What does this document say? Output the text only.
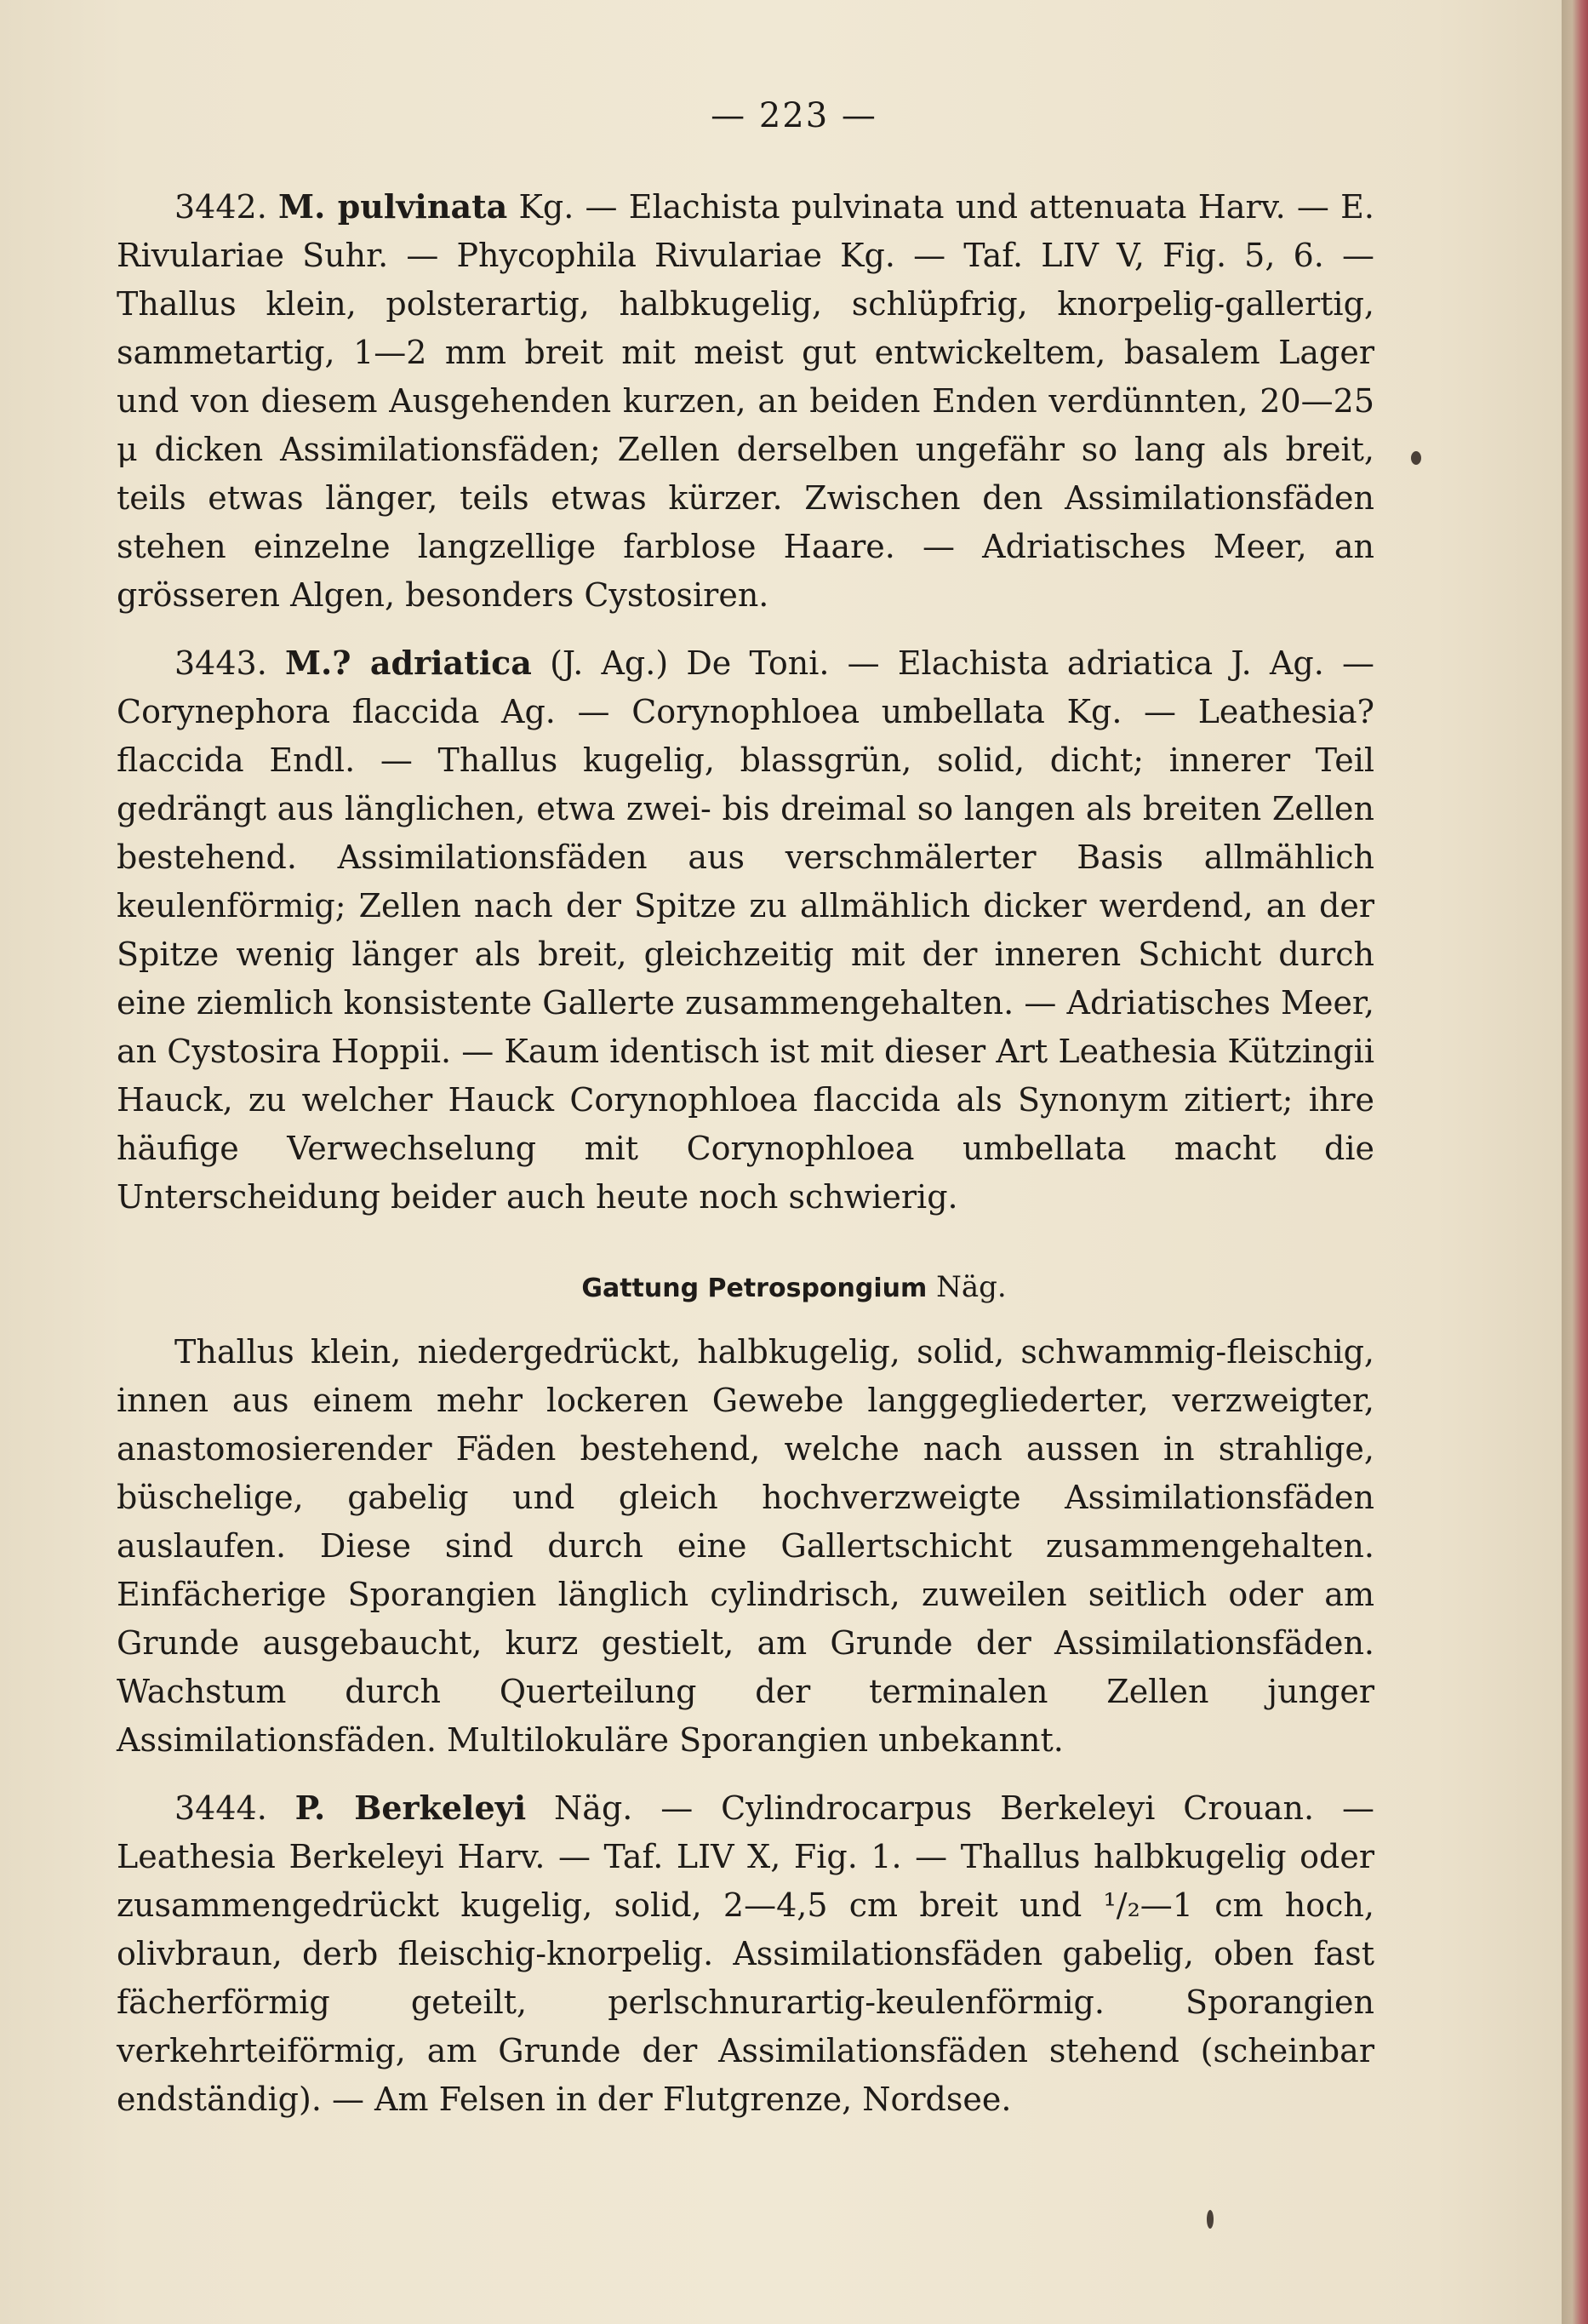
— 223 —

3442. M. pulvinata Kg. — Elachista pulvinata und attenuata Harv. — E. Rivulariae Suhr. — Phycophila Rivulariae Kg. — Taf. LIV V, Fig. 5, 6. — Thallus klein, polsterartig, halbkugelig, schlüpfrig, knorpelig-gallertig, sammetartig, 1—2 mm breit mit meist gut entwickeltem, basalem Lager und von diesem Ausgehenden kurzen, an beiden Enden verdünnten, 20—25 μ dicken Assimilationsfäden; Zellen derselben ungefähr so lang als breit, teils etwas länger, teils etwas kürzer. Zwischen den Assimilationsfäden stehen einzelne langzellige farblose Haare. — Adriatisches Meer, an grösseren Algen, besonders Cystosiren.

3443. M.? adriatica (J. Ag.) De Toni. — Elachista adriatica J. Ag. — Corynephora flaccida Ag. — Corynophloea umbellata Kg. — Leathesia? flaccida Endl. — Thallus kugelig, blassgrün, solid, dicht; innerer Teil gedrängt aus länglichen, etwa zwei- bis dreimal so langen als breiten Zellen bestehend. Assimilationsfäden aus verschmälerter Basis allmählich keulenförmig; Zellen nach der Spitze zu allmählich dicker werdend, an der Spitze wenig länger als breit, gleichzeitig mit der inneren Schicht durch eine ziemlich konsistente Gallerte zusammengehalten. — Adriatisches Meer, an Cystosira Hoppii. — Kaum identisch ist mit dieser Art Leathesia Kützingii Hauck, zu welcher Hauck Corynophloea flaccida als Synonym zitiert; ihre häufige Verwechselung mit Corynophloea umbellata macht die Unterscheidung beider auch heute noch schwierig.

Gattung Petrospongium Näg.

Thallus klein, niedergedrückt, halbkugelig, solid, schwammig-fleischig, innen aus einem mehr lockeren Gewebe langgegliederter, verzweigter, anastomosierender Fäden bestehend, welche nach aussen in strahlige, büschelige, gabelig und gleich hochverzweigte Assimilationsfäden auslaufen. Diese sind durch eine Gallertschicht zusammengehalten. Einfächerige Sporangien länglich cylindrisch, zuweilen seitlich oder am Grunde ausgebaucht, kurz gestielt, am Grunde der Assimilationsfäden. Wachstum durch Querteilung der terminalen Zellen junger Assimilationsfäden. Multilokuläre Sporangien unbekannt.

3444. P. Berkeleyi Näg. — Cylindrocarpus Berkeleyi Crouan. — Leathesia Berkeleyi Harv. — Taf. LIV X, Fig. 1. — Thallus halbkugelig oder zusammengedrückt kugelig, solid, 2—4,5 cm breit und ¹/₂—1 cm hoch, olivbraun, derb fleischig-knorpelig. Assimilationsfäden gabelig, oben fast fächerförmig geteilt, perlschnurartig-keulenförmig. Sporangien verkehrteiförmig, am Grunde der Assimilationsfäden stehend (scheinbar endständig). — Am Felsen in der Flutgrenze, Nordsee.
